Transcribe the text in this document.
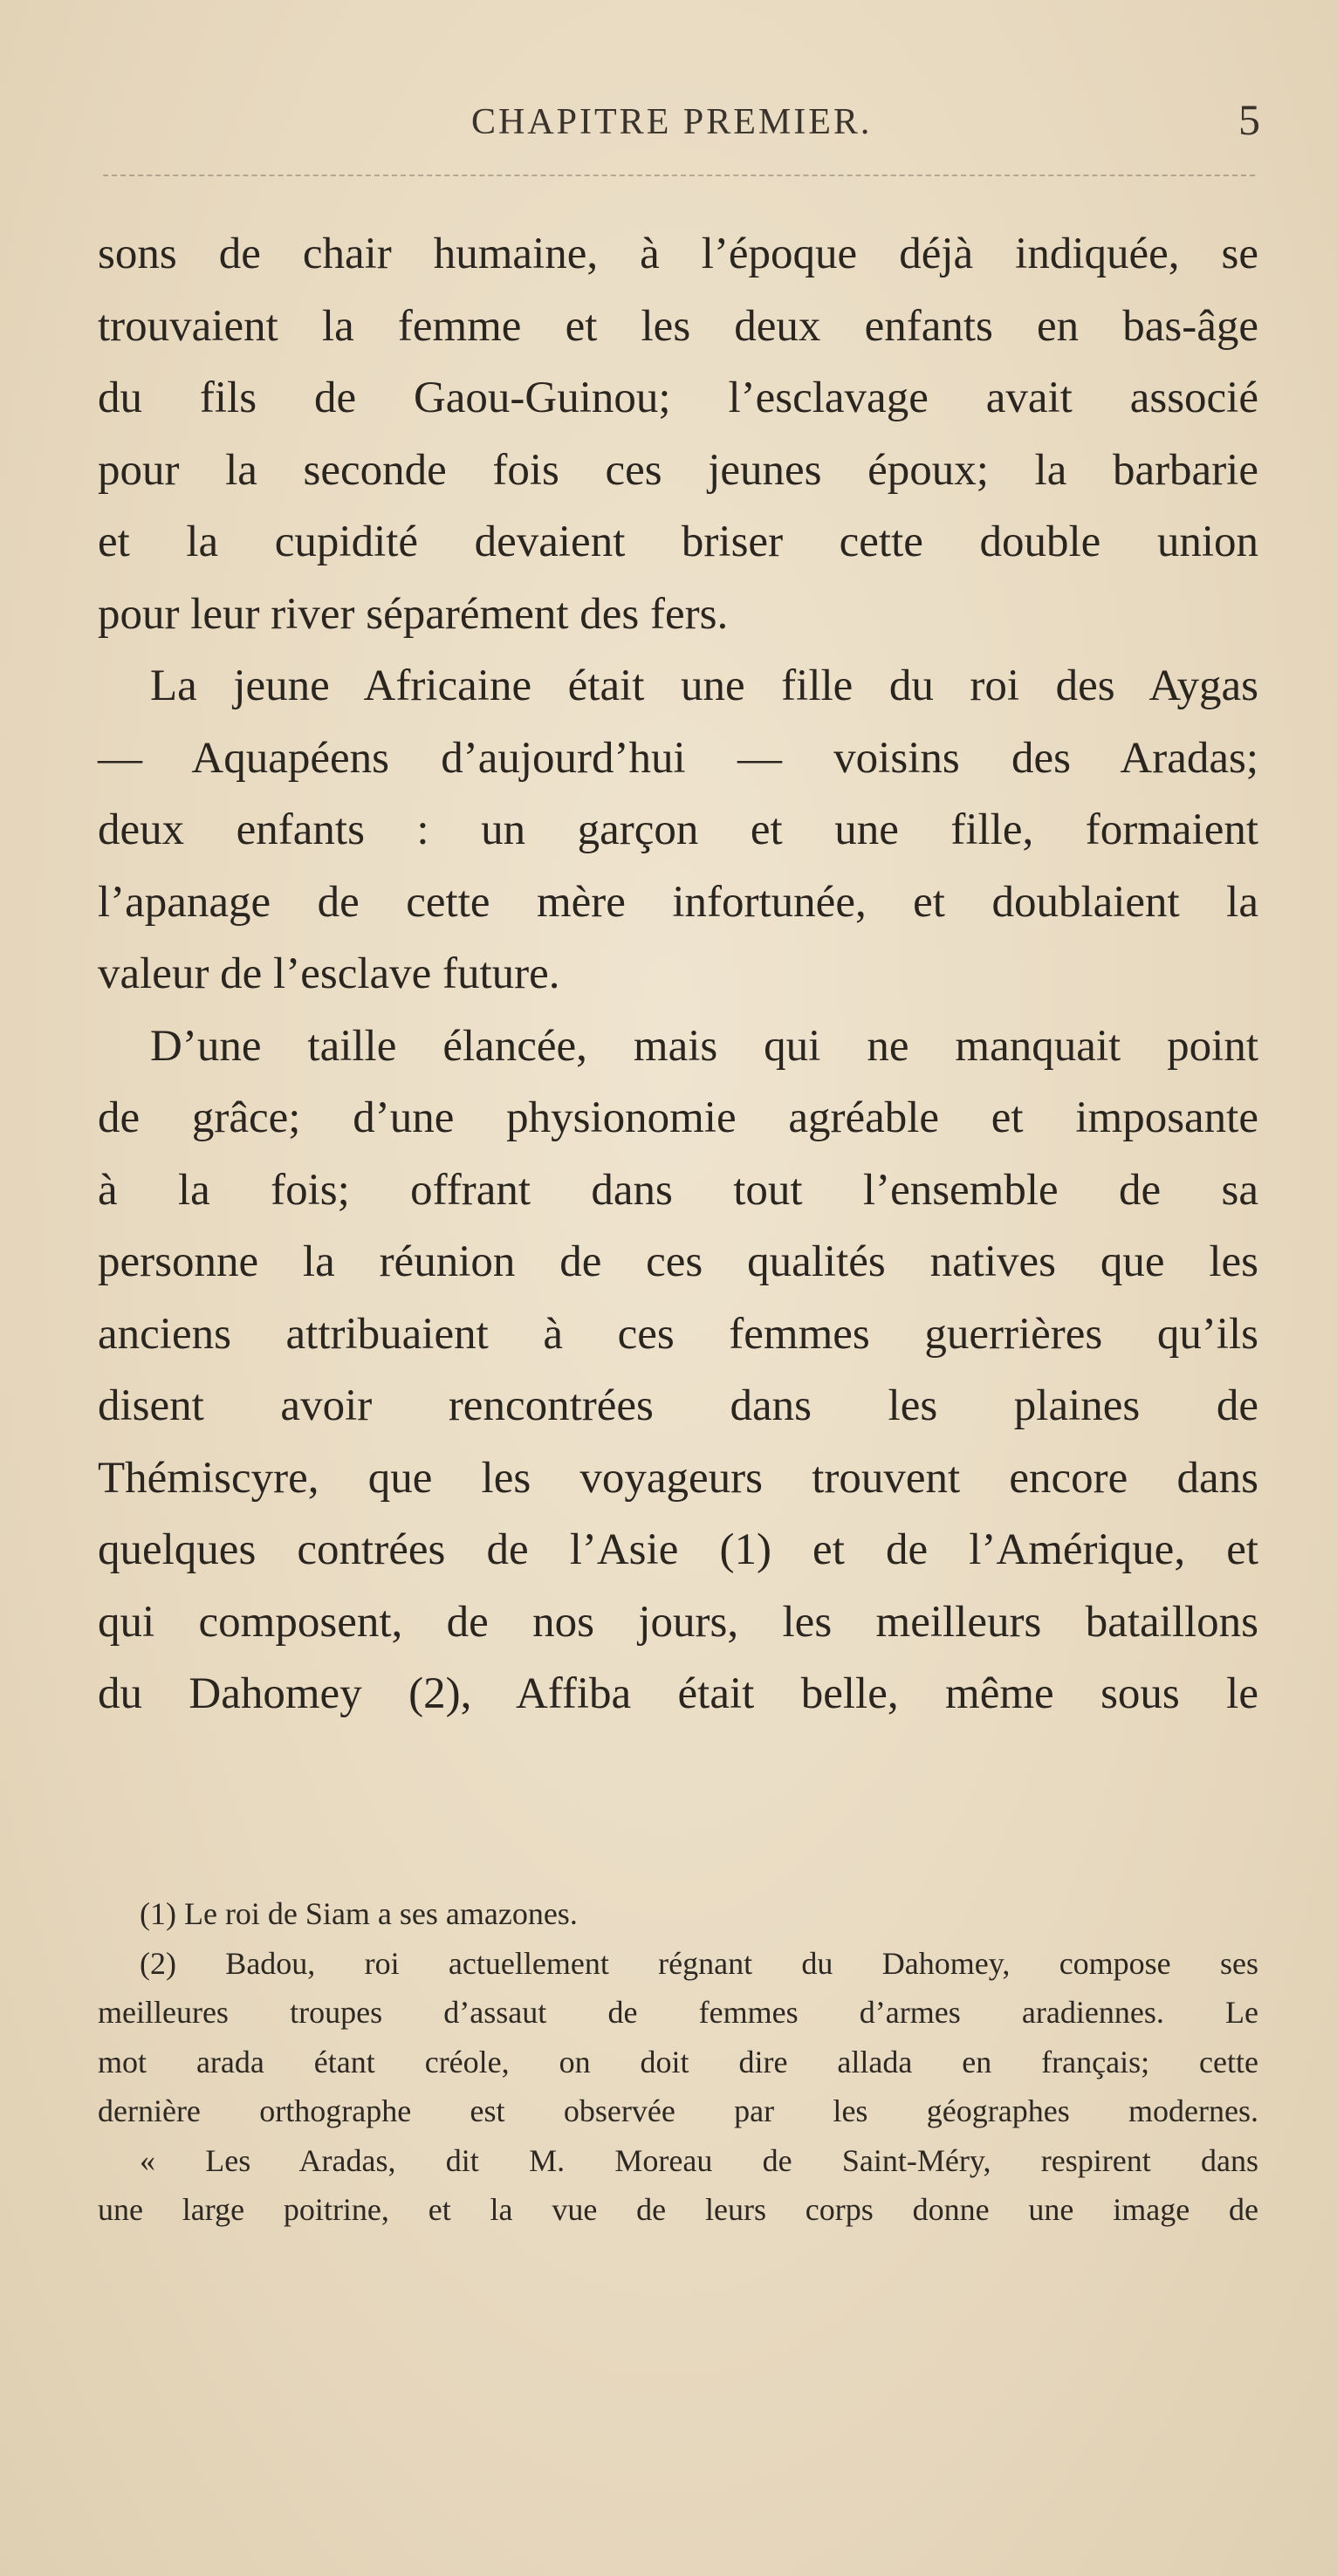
CHAPITRE PREMIER.	5
sons de chair humaine, à l’époque déjà indiquée, se
trouvaient la femme et les deux enfants en bas-âge
du fils de Gaou-Guinou; l’esclavage avait associé
pour la seconde fois ces jeunes époux; la barbarie
et la cupidité devaient briser cette double union
pour leur river séparément des fers.
La jeune Africaine était une fille du roi des Aygas
— Aquapéens d’aujourd’hui — voisins des Aradas;
deux enfants : un garçon et une fille, formaient
l’apanage de cette mère infortunée, et doublaient la
valeur de l’esclave future.
D’une taille élancée, mais qui ne manquait point
de grâce; d’une physionomie agréable et imposante
à la fois; offrant dans tout l’ensemble de sa
personne la réunion de ces qualités natives que les
anciens attribuaient à ces femmes guerrières qu’ils
disent avoir rencontrées dans les plaines de
Thémiscyre, que les voyageurs trouvent encore dans
quelques contrées de l’Asie (1) et de l’Amérique, et
qui composent, de nos jours, les meilleurs bataillons
du Dahomey (2), Affiba était belle, même sous le
(1) Le roi de Siam a ses amazones.
(2) Badou, roi actuellement régnant du Dahomey, compose ses
meilleures troupes d’assaut de femmes d’armes aradiennes. Le
mot arada étant créole, on doit dire allada en français; cette
dernière orthographe est observée par les géographes modernes.
« Les Aradas, dit M. Moreau de Saint-Méry, respirent dans
une large poitrine, et la vue de leurs corps donne une image de
